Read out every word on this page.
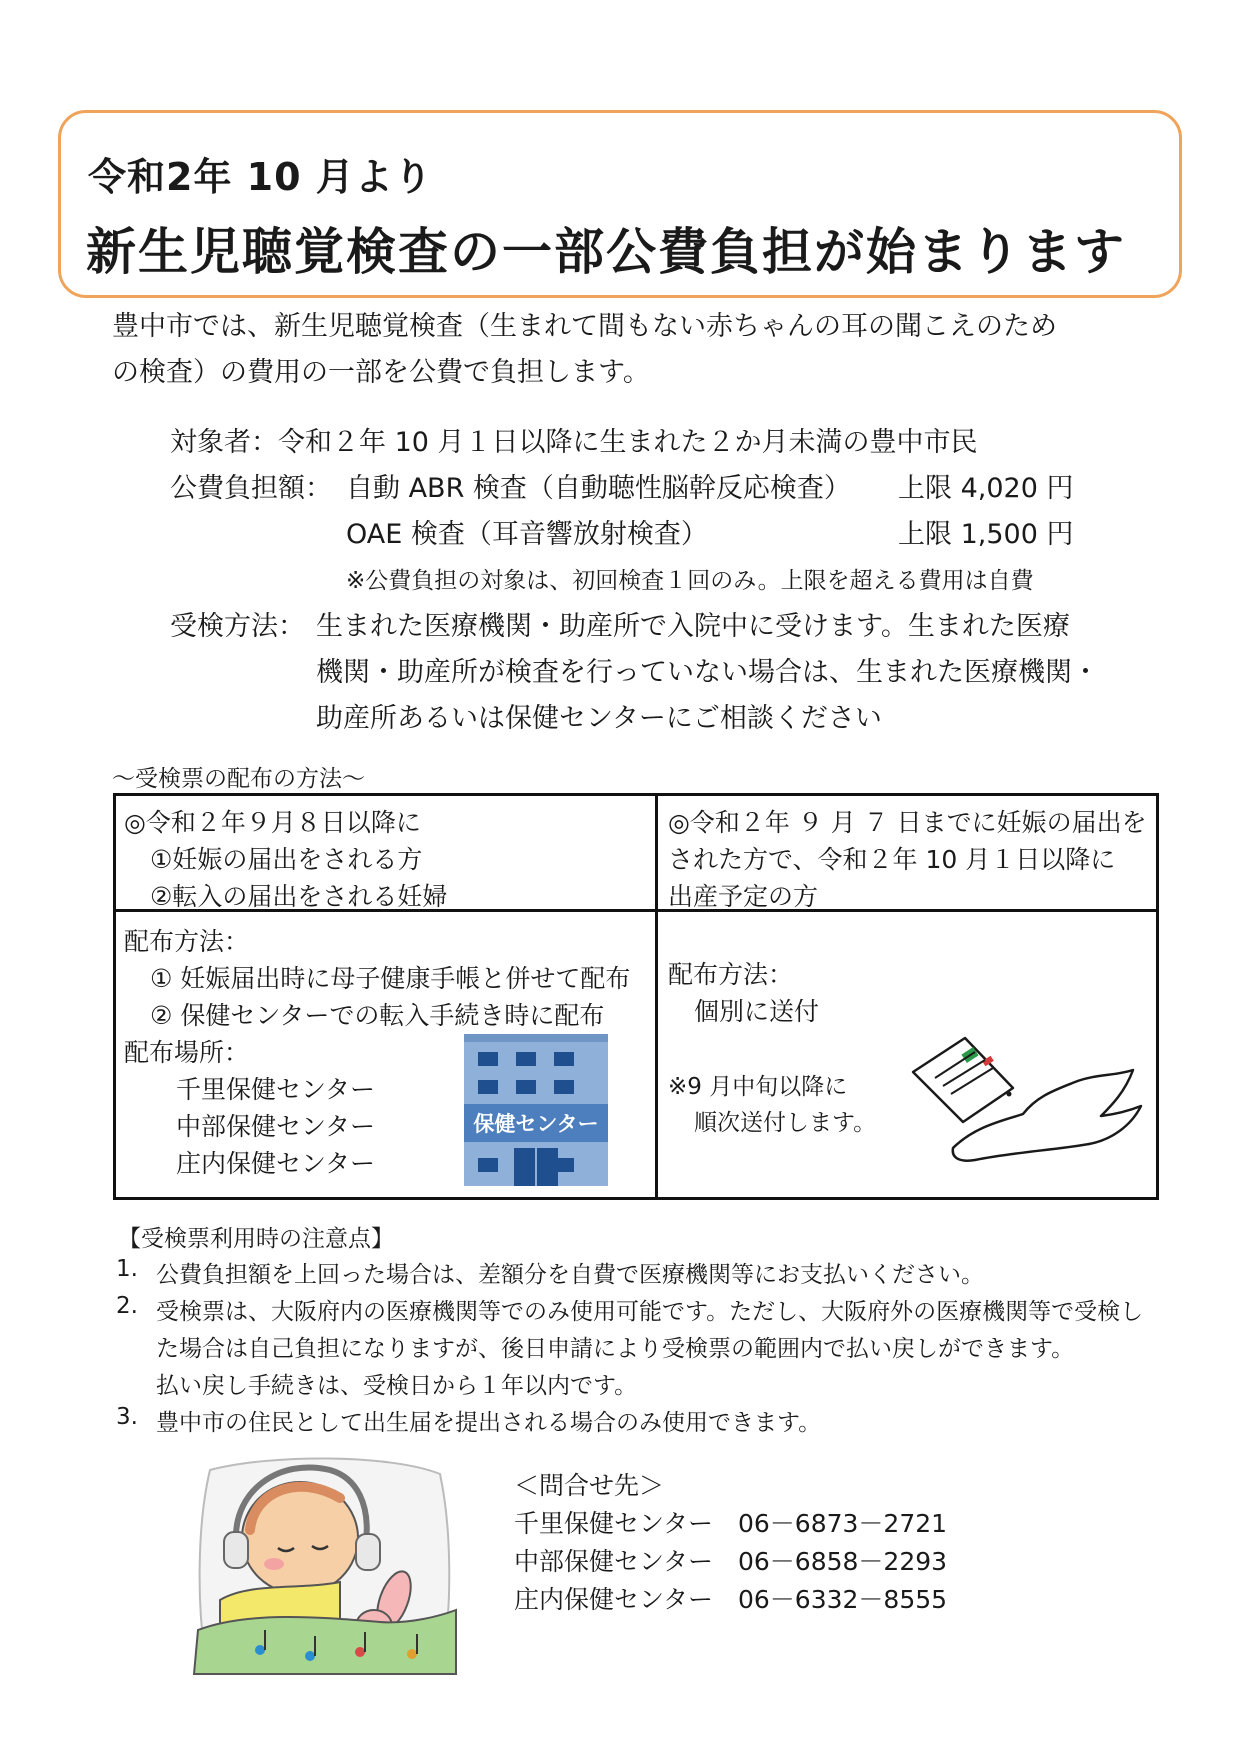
令和2年 10 月より
新生児聴覚検査の一部公費負担が始まります
豊中市では、新生児聴覚検査（生まれて間もない赤ちゃんの耳の聞こえのため
の検査）の費用の一部を公費で負担します。
対象者：令和２年 10 月１日以降に生まれた２か月未満の豊中市民
公費負担額： 自動 ABR 検査（自動聴性脳幹反応検査） 上限 4,020 円
OAE 検査（耳音響放射検査）	上限 1,500 円
※公費負担の対象は、初回検査１回のみ。上限を超える費用は自費
受検方法： 生まれた医療機関・助産所で入院中に受けます。生まれた医療
機関・助産所が検査を行っていない場合は、生まれた医療機関・
助産所あるいは保健センターにご相談ください
～受検票の配布の方法～
◎令和２年９月８日以降に
①妊娠の届出をされる方
②転入の届出をされる妊婦
◎令和２年 ９ 月 ７ 日までに妊娠の届出を
された方で、令和２年 10 月１日以降に
出産予定の方
配布方法：
① 妊娠届出時に母子健康手帳と併せて配布
② 保健センターでの転入手続き時に配布
配布場所：
千里保健センター
中部保健センター
庄内保健センター
保健センター
配布方法：
個別に送付
※9 月中旬以降に
順次送付します。
【受検票利用時の注意点】
1. 公費負担額を上回った場合は、差額分を自費で医療機関等にお支払いください。
2. 受検票は、大阪府内の医療機関等でのみ使用可能です。ただし、大阪府外の医療機関等で受検し
た場合は自己負担になりますが、後日申請により受検票の範囲内で払い戻しができます。
払い戻し手続きは、受検日から１年以内です。
3. 豊中市の住民として出生届を提出される場合のみ使用できます。
＜問合せ先＞
千里保健センター 06－6873－2721
中部保健センター 06－6858－2293
庄内保健センター 06－6332－8555
